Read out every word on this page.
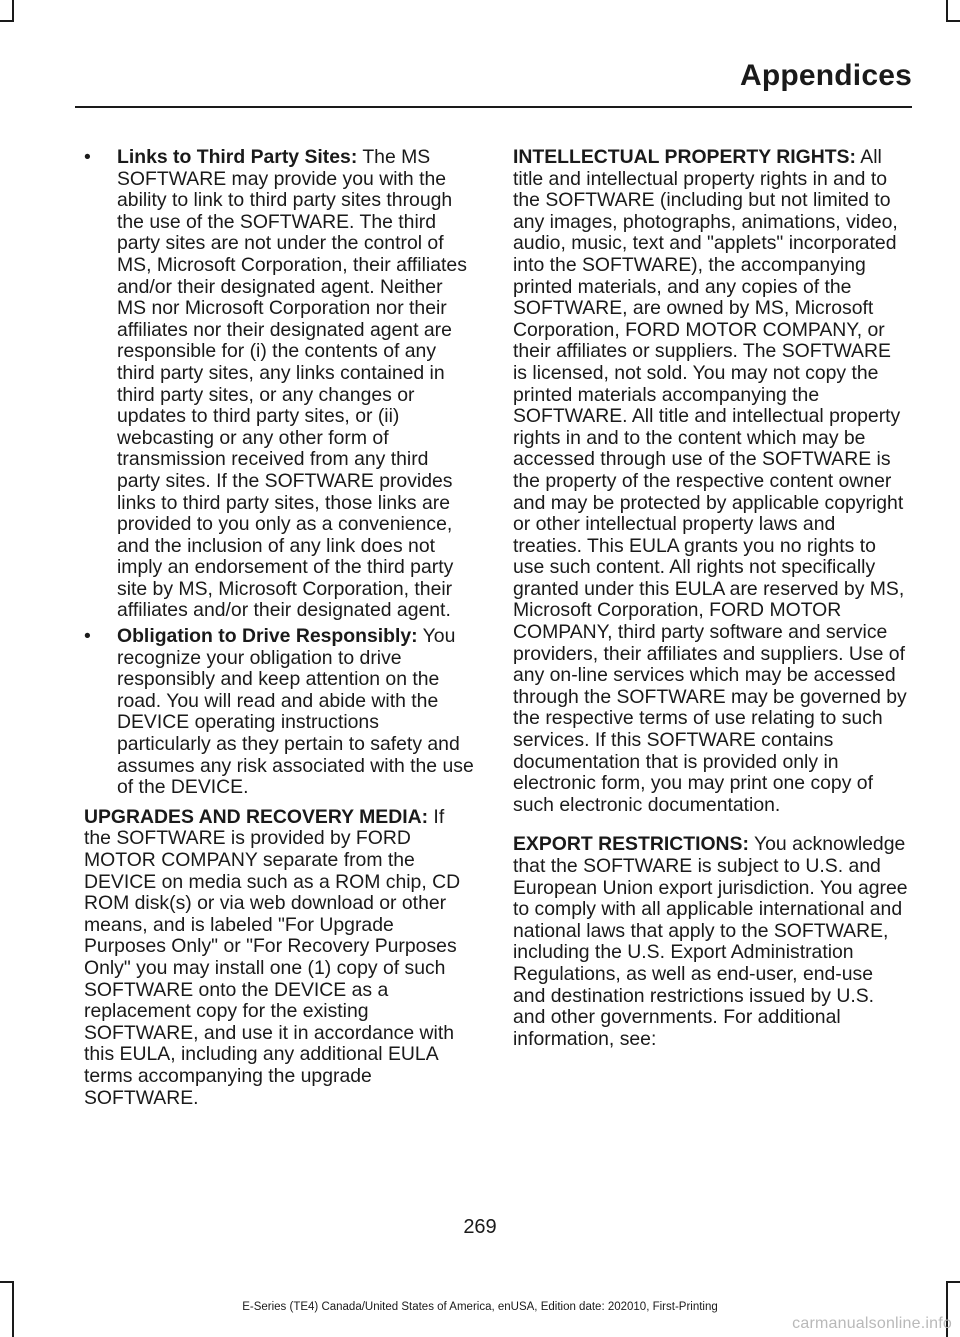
Appendices
• Links to Third Party Sites: The MS SOFTWARE may provide you with the ability to link to third party sites through the use of the SOFTWARE. The third party sites are not under the control of MS, Microsoft Corporation, their affiliates and/or their designated agent. Neither MS nor Microsoft Corporation nor their affiliates nor their designated agent are responsible for (i) the contents of any third party sites, any links contained in third party sites, or any changes or updates to third party sites, or (ii) webcasting or any other form of transmission received from any third party sites. If the SOFTWARE provides links to third party sites, those links are provided to you only as a convenience, and the inclusion of any link does not imply an endorsement of the third party site by MS, Microsoft Corporation, their affiliates and/or their designated agent.
• Obligation to Drive Responsibly: You recognize your obligation to drive responsibly and keep attention on the road. You will read and abide with the DEVICE operating instructions particularly as they pertain to safety and assumes any risk associated with the use of the DEVICE.

UPGRADES AND RECOVERY MEDIA: If the SOFTWARE is provided by FORD MOTOR COMPANY separate from the DEVICE on media such as a ROM chip, CD ROM disk(s) or via web download or other means, and is labeled "For Upgrade Purposes Only" or "For Recovery Purposes Only" you may install one (1) copy of such SOFTWARE onto the DEVICE as a replacement copy for the existing SOFTWARE, and use it in accordance with this EULA, including any additional EULA terms accompanying the upgrade SOFTWARE.

INTELLECTUAL PROPERTY RIGHTS: All title and intellectual property rights in and to the SOFTWARE (including but not limited to any images, photographs, animations, video, audio, music, text and "applets" incorporated into the SOFTWARE), the accompanying printed materials, and any copies of the SOFTWARE, are owned by MS, Microsoft Corporation, FORD MOTOR COMPANY, or their affiliates or suppliers. The SOFTWARE is licensed, not sold. You may not copy the printed materials accompanying the SOFTWARE. All title and intellectual property rights in and to the content which may be accessed through use of the SOFTWARE is the property of the respective content owner and may be protected by applicable copyright or other intellectual property laws and treaties. This EULA grants you no rights to use such content. All rights not specifically granted under this EULA are reserved by MS, Microsoft Corporation, FORD MOTOR COMPANY, third party software and service providers, their affiliates and suppliers. Use of any on-line services which may be accessed through the SOFTWARE may be governed by the respective terms of use relating to such services. If this SOFTWARE contains documentation that is provided only in electronic form, you may print one copy of such electronic documentation.

EXPORT RESTRICTIONS: You acknowledge that the SOFTWARE is subject to U.S. and European Union export jurisdiction. You agree to comply with all applicable international and national laws that apply to the SOFTWARE, including the U.S. Export Administration Regulations, as well as end-user, end-use and destination restrictions issued by U.S. and other governments. For additional information, see:

269
E-Series (TE4) Canada/United States of America, enUSA, Edition date: 202010, First-Printing
carmanualsonline.info
